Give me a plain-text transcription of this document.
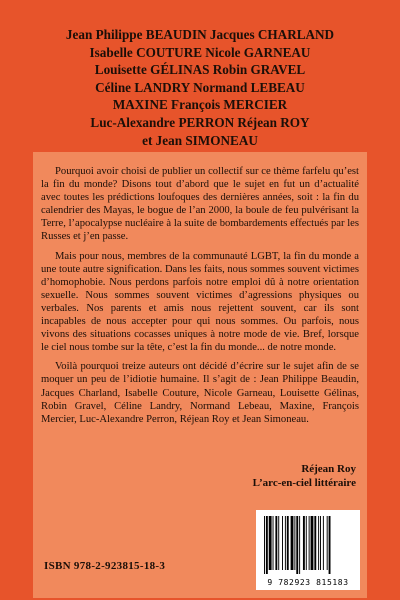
Jean Philippe BEAUDIN Jacques CHARLAND
Isabelle COUTURE Nicole GARNEAU
Louisette GÉLINAS Robin GRAVEL
Céline LANDRY Normand LEBEAU
MAXINE François MERCIER
Luc-Alexandre PERRON Réjean ROY
et Jean SIMONEAU

Pourquoi avoir choisi de publier un collectif sur ce thème farfelu qu’est la fin du monde? Disons tout d’abord que le sujet en fut un d’actualité avec toutes les prédictions loufoques des dernières années, soit : la fin du calendrier des Mayas, le bogue de l’an 2000, la boule de feu pulvérisant la Terre, l’apocalypse nucléaire à la suite de bombardements effectués par les Russes et j’en passe.

Mais pour nous, membres de la communauté LGBT, la fin du monde a une toute autre signification. Dans les faits, nous sommes souvent victimes d’homophobie. Nous perdons parfois notre emploi dû à notre orientation sexuelle. Nous sommes souvent victimes d’agressions physiques ou verbales. Nos parents et amis nous rejettent souvent, car ils sont incapables de nous accepter pour qui nous sommes. Ou parfois, nous vivons des situations cocasses uniques à notre mode de vie. Bref, lorsque le ciel nous tombe sur la tête, c’est la fin du monde... de notre monde.

Voilà pourquoi treize auteurs ont décidé d’écrire sur le sujet afin de se moquer un peu de l’idiotie humaine. Il s’agit de : Jean Philippe Beaudin, Jacques Charland, Isabelle Couture, Nicole Garneau, Louisette Gélinas, Robin Gravel, Céline Landry, Normand Lebeau, Maxine, François Mercier, Luc-Alexandre Perron, Réjean Roy et Jean Simoneau.

Réjean Roy
L’arc-en-ciel littéraire
ISBN 978-2-923815-18-3
9 782923 815183
